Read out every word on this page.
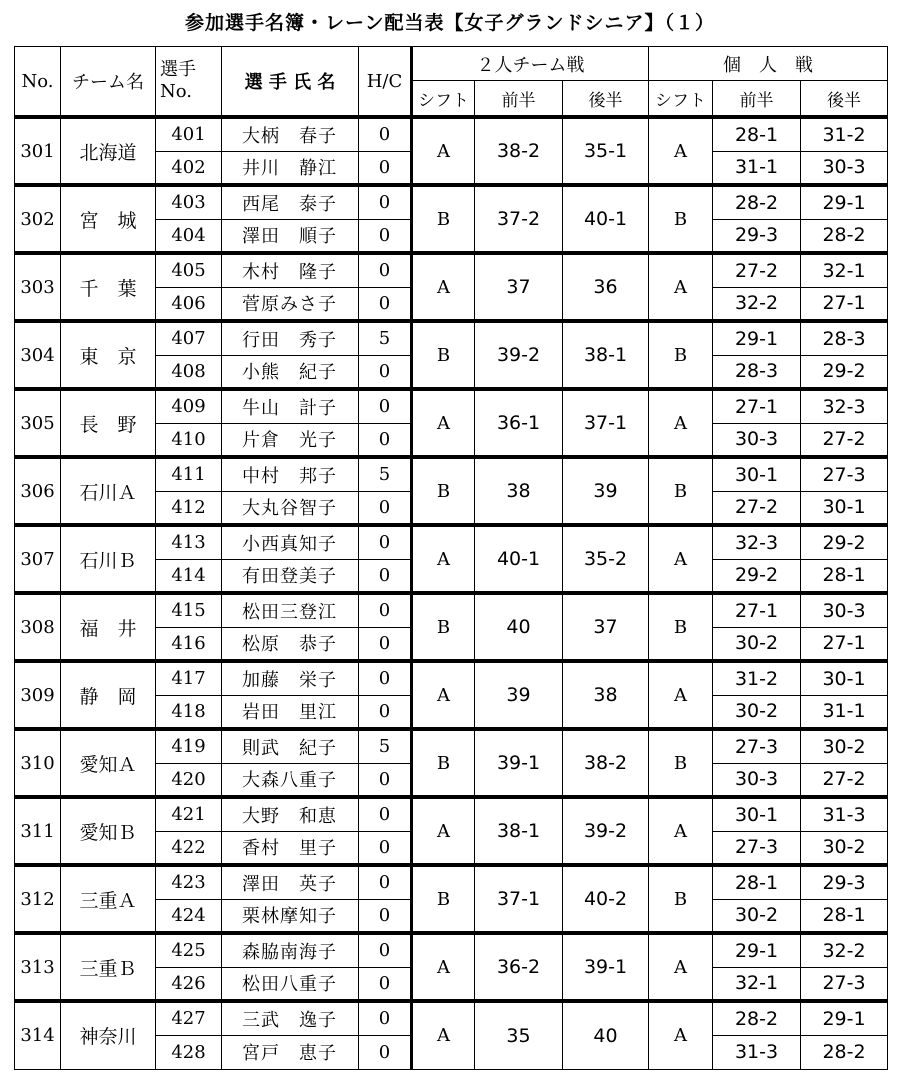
参加選手名簿・レーン配当表【女子グランドシニア】（１）
No.	チーム名	選手
No.	選 手 氏 名	H/C	２人チーム戦			個　人　戦		
					シフト	前半	後半	シフト	前半	後半
301	北海道	401	大柄　春子	0	A	38-2	35-1	A	28-1	31-2
		402	井川　静江	0					31-1	30-3
302	宮　城	403	西尾　泰子	0	B	37-2	40-1	B	28-2	29-1
		404	澤田　順子	0					29-3	28-2
303	千　葉	405	木村　隆子	0	A	37	36	A	27-2	32-1
		406	菅原みさ子	0					32-2	27-1
304	東　京	407	行田　秀子	5	B	39-2	38-1	B	29-1	28-3
		408	小熊　紀子	0					28-3	29-2
305	長　野	409	牛山　計子	0	A	36-1	37-1	A	27-1	32-3
		410	片倉　光子	0					30-3	27-2
306	石川Ａ	411	中村　邦子	5	B	38	39	B	30-1	27-3
		412	大丸谷智子	0					27-2	30-1
307	石川Ｂ	413	小西真知子	0	A	40-1	35-2	A	32-3	29-2
		414	有田登美子	0					29-2	28-1
308	福　井	415	松田三登江	0	B	40	37	B	27-1	30-3
		416	松原　恭子	0					30-2	27-1
309	静　岡	417	加藤　栄子	0	A	39	38	A	31-2	30-1
		418	岩田　里江	0					30-2	31-1
310	愛知Ａ	419	則武　紀子	5	B	39-1	38-2	B	27-3	30-2
		420	大森八重子	0					30-3	27-2
311	愛知Ｂ	421	大野　和恵	0	A	38-1	39-2	A	30-1	31-3
		422	香村　里子	0					27-3	30-2
312	三重Ａ	423	澤田　英子	0	B	37-1	40-2	B	28-1	29-3
		424	栗林摩知子	0					30-2	28-1
313	三重Ｂ	425	森脇南海子	0	A	36-2	39-1	A	29-1	32-2
		426	松田八重子	0					32-1	27-3
314	神奈川	427	三武　逸子	0	A	35	40	A	28-2	29-1
		428	宮戸　恵子	0					31-3	28-2
